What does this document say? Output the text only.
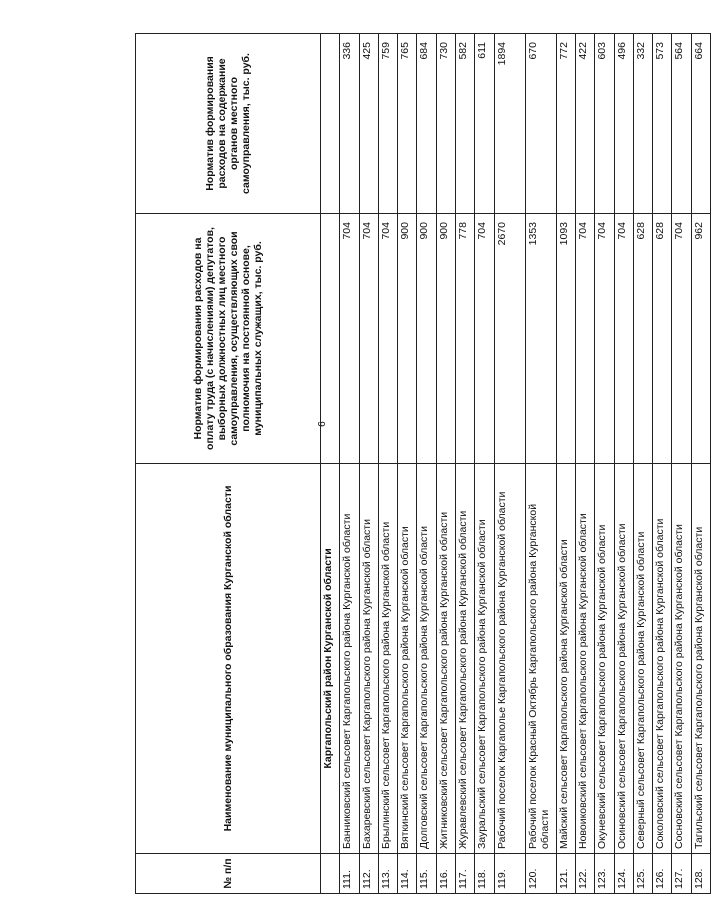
9
№ п/п	Наименование муниципального образования Курганской области	Норматив формирования расходов на оплату труда (с начислениями) депутатов, выборных должностных лиц местного самоуправления, осуществляющих свои полномочия на постоянной основе, муниципальных служащих, тыс. руб.	Норматив формирования расходов на содержание органов местного самоуправления, тыс. руб.
	Каргапольский район Курганской области		
111.	Банниковский сельсовет Каргапольского района Курганской области	704	336
112.	Бахаревский сельсовет Каргапольского района Курганской области	704	425
113.	Брылинский сельсовет Каргапольского района Курганской области	704	759
114.	Вяткинский сельсовет Каргапольского района Курганской области	900	765
115.	Долговский сельсовет Каргапольского района Курганской области	900	684
116.	Житниковский сельсовет Каргапольского района Курганской области	900	730
117.	Журавлевский сельсовет Каргапольского района Курганской области	778	582
118.	Зауральский сельсовет Каргапольского района Курганской области	704	611
119.	Рабочий поселок Каргаполье Каргапольского района Курганской области	2670	1894
120.	Рабочий поселок Красный Октябрь Каргапольского района Курганской области	1353	670
121.	Майский сельсовет Каргапольского района Курганской области	1093	772
122.	Новоиковский сельсовет Каргапольского района Курганской области	704	422
123.	Окуневский сельсовет Каргапольского района Курганской области	704	603
124.	Осиновский сельсовет Каргапольского района Курганской области	704	496
125.	Северный сельсовет Каргапольского района Курганской области	628	332
126.	Соколовский сельсовет Каргапольского района Курганской области	628	573
127.	Сосновский сельсовет Каргапольского района Курганской области	704	564
128.	Тагильский сельсовет Каргапольского района Курганской области	962	664
